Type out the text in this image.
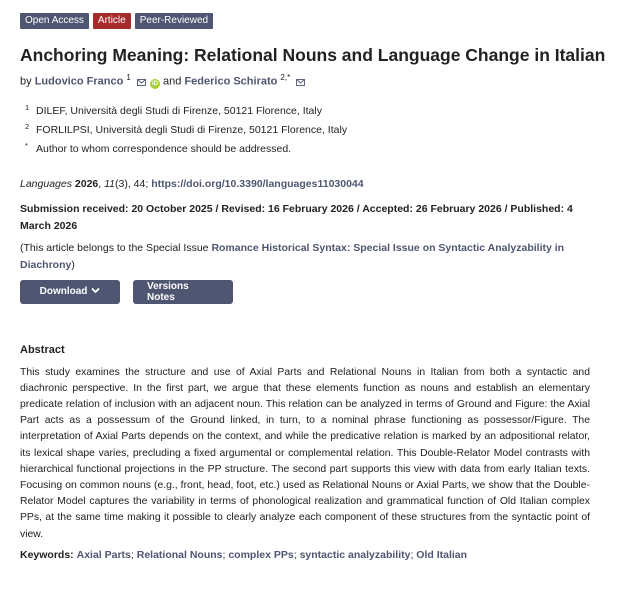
Open Access	Article	Peer-Reviewed
Anchoring Meaning: Relational Nouns and Language Change in Italian
by Ludovico Franco $^1$  iD and Federico Schirato $^{2,*}$
1 DILEF, Università degli Studi di Firenze, 50121 Florence, Italy
2 FORLILPSI, Università degli Studi di Firenze, 50121 Florence, Italy
* Author to whom correspondence should be addressed.
Languages 2026, 11(3), 44; https://doi.org/10.3390/languages11030044
Submission received: 20 October 2025 / Revised: 16 February 2026 / Accepted: 26 February 2026 / Published: 4 March 2026
(This article belongs to the Special Issue Romance Historical Syntax: Special Issue on Syntactic Analyzability in Diachrony)
Download	Versions Notes
Abstract
This study examines the structure and use of Axial Parts and Relational Nouns in Italian from both a syntactic and diachronic perspective. In the first part, we argue that these elements function as nouns and establish an elementary predicate relation of inclusion with an adjacent noun. This relation can be analyzed in terms of Ground and Figure: the Axial Part acts as a possessum of the Ground linked, in turn, to a nominal phrase functioning as possessor/Figure. The interpretation of Axial Parts depends on the context, and while the predicative relation is marked by an adpositional relator, its lexical shape varies, precluding a fixed argumental or complemental relation. This Double-Relator Model contrasts with hierarchical functional projections in the PP structure. The second part supports this view with data from early Italian texts. Focusing on common nouns (e.g., front, head, foot, etc.) used as Relational Nouns or Axial Parts, we show that the Double-Relator Model captures the variability in terms of phonological realization and grammatical function of Old Italian complex PPs, at the same time making it possible to clearly analyze each component of these structures from the syntactic point of view.
Keywords: Axial Parts; Relational Nouns; complex PPs; syntactic analyzability; Old Italian
